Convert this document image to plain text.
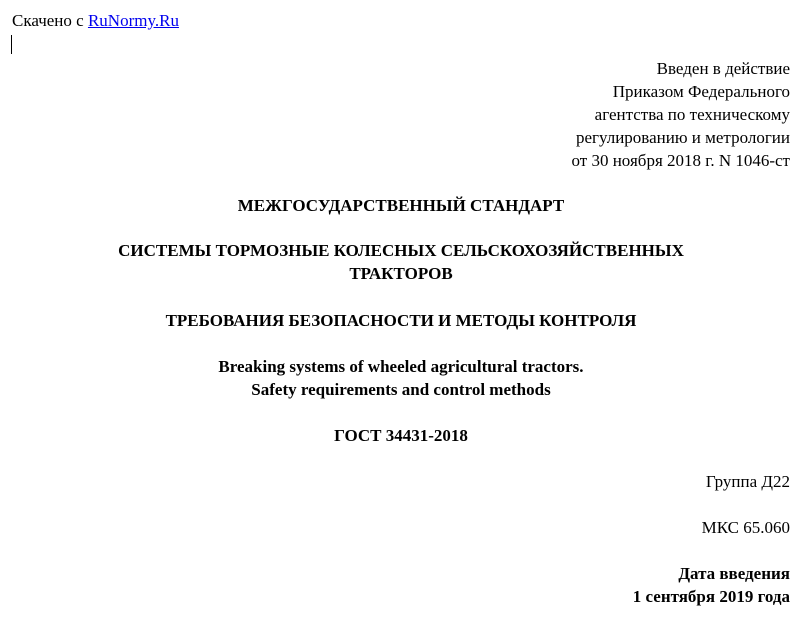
Скачено с RuNormy.Ru
Введен в действие
Приказом Федерального
агентства по техническому
регулированию и метрологии
от 30 ноября 2018 г. N 1046-ст
МЕЖГОСУДАРСТВЕННЫЙ СТАНДАРТ
СИСТЕМЫ ТОРМОЗНЫЕ КОЛЕСНЫХ СЕЛЬСКОХОЗЯЙСТВЕННЫХ
ТРАКТОРОВ
ТРЕБОВАНИЯ БЕЗОПАСНОСТИ И МЕТОДЫ КОНТРОЛЯ
Breaking systems of wheeled agricultural tractors.
Safety requirements and control methods
ГОСТ 34431-2018
Группа Д22
МКС 65.060
Дата введения
1 сентября 2019 года
